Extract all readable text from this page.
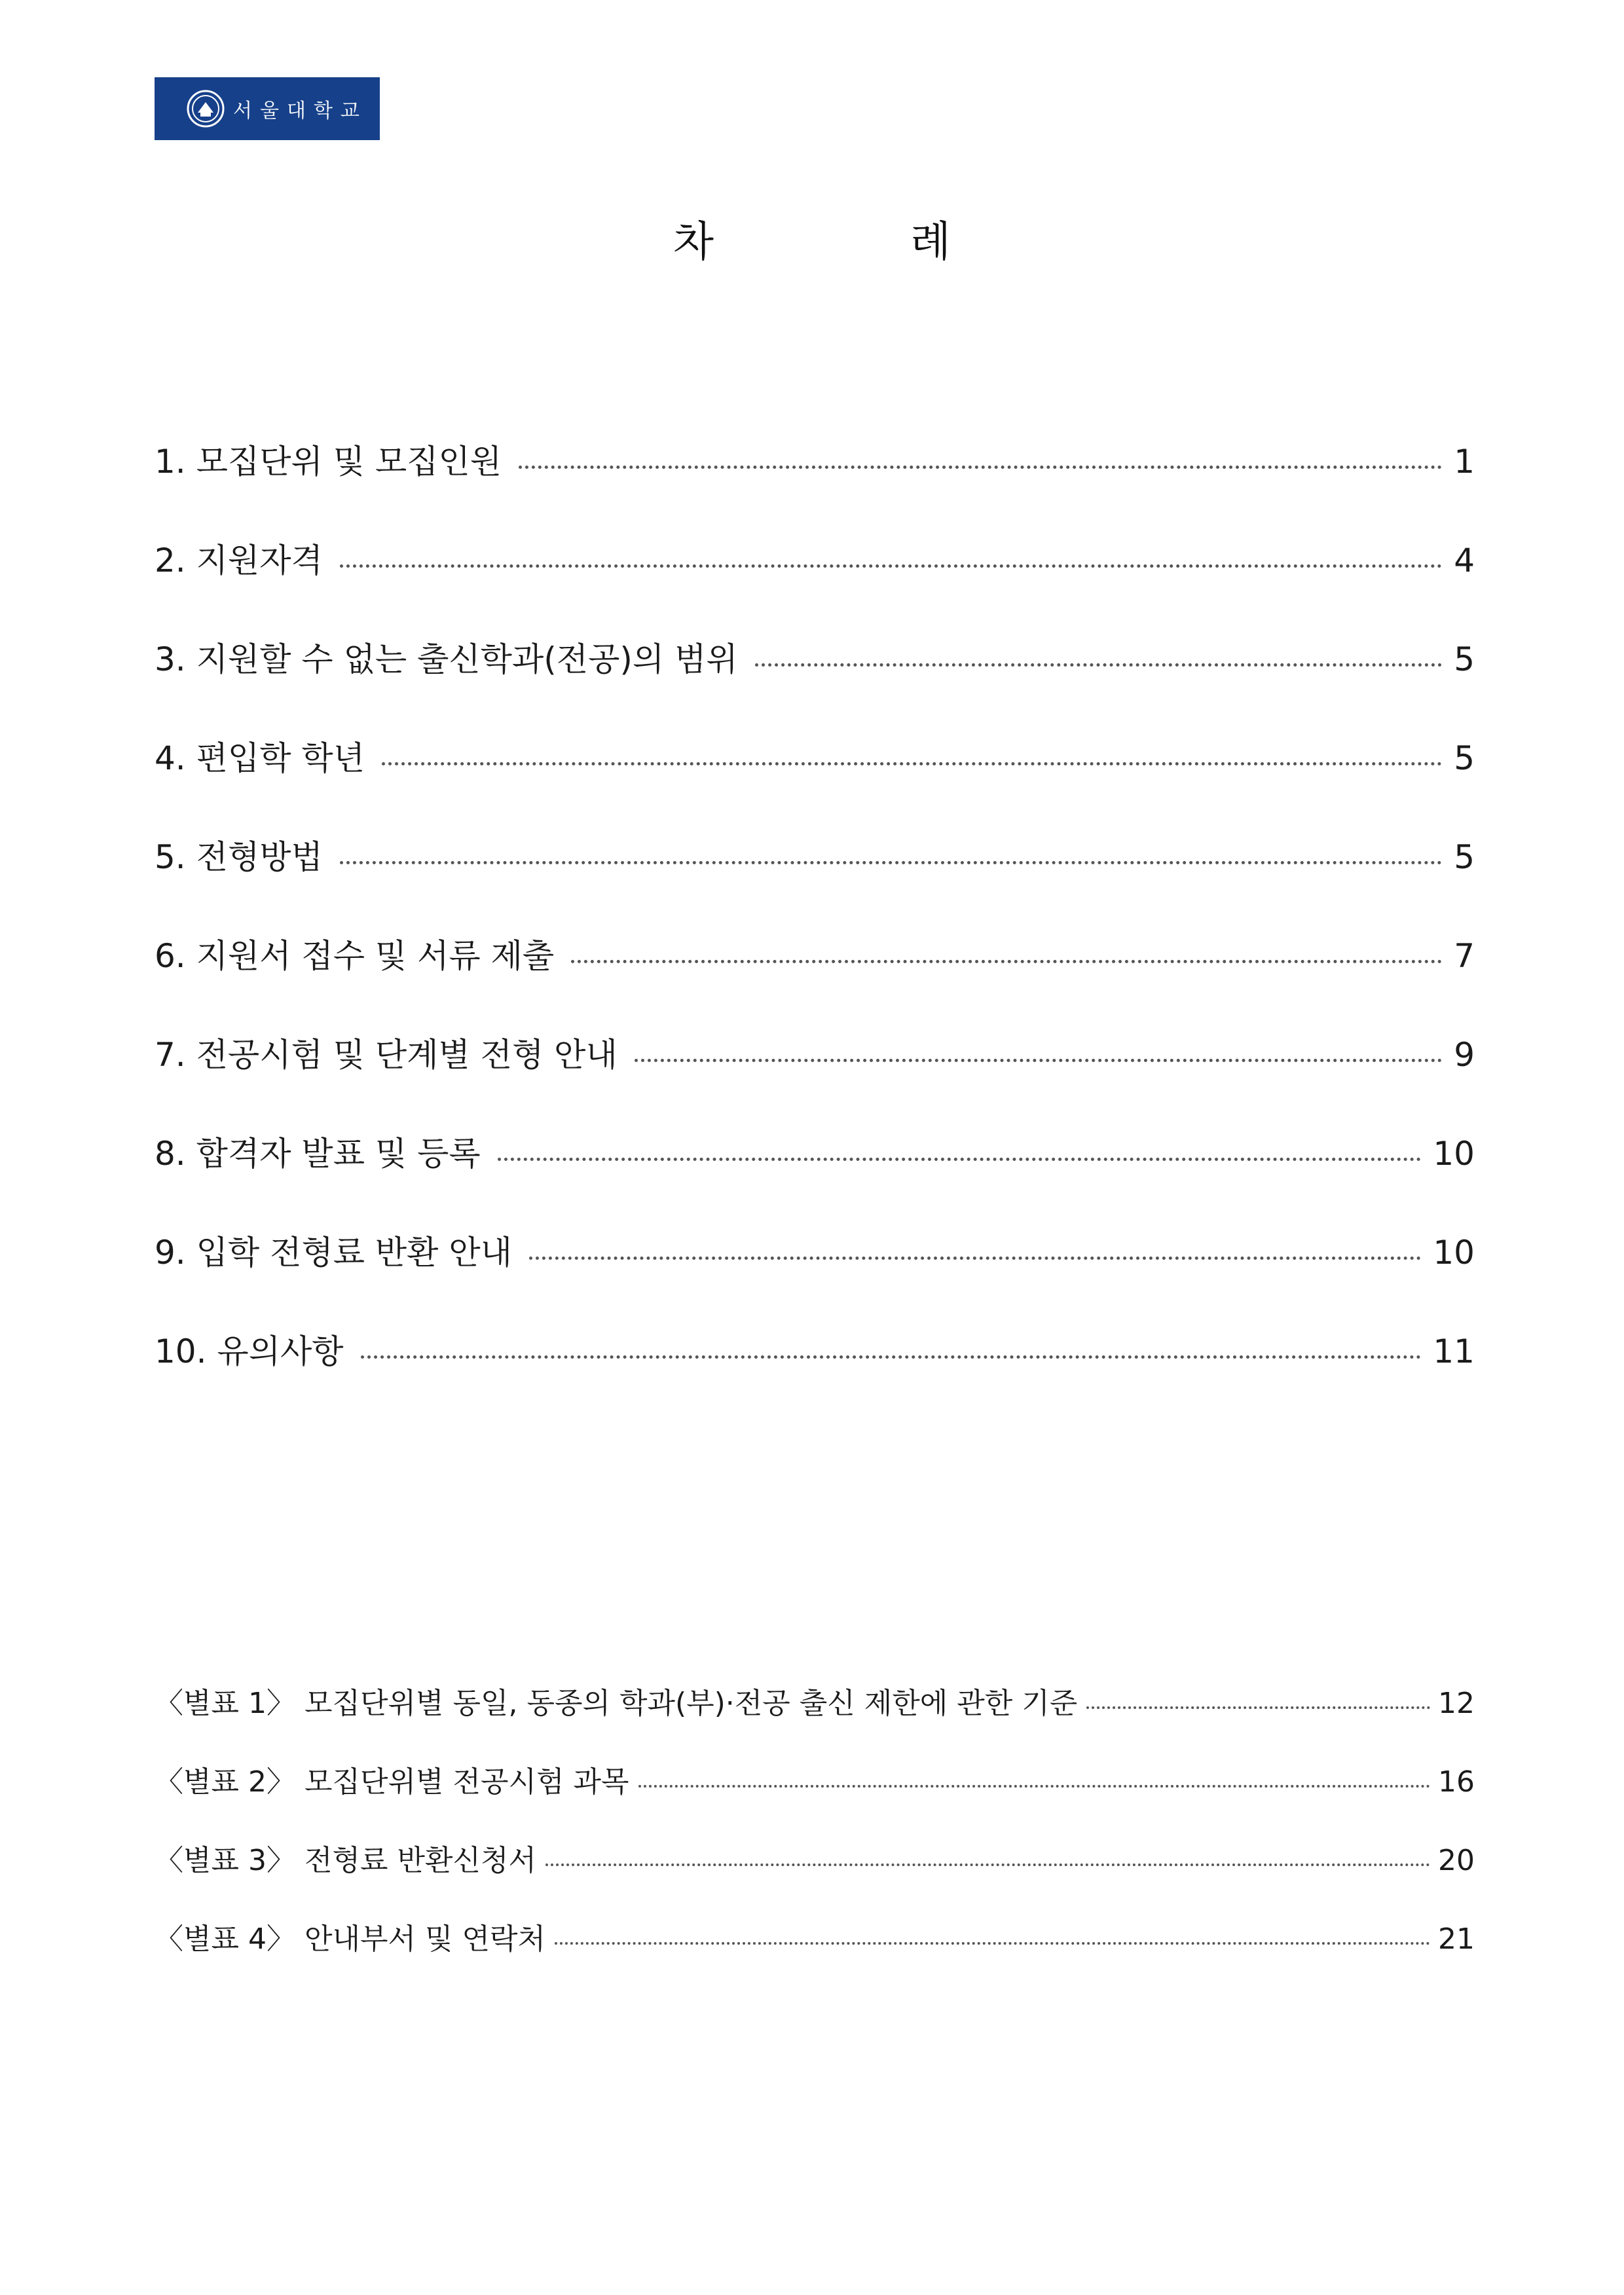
서울대학교
차	례
1. 모집단위 및 모집인원	1
2. 지원자격	4
3. 지원할 수 없는 출신학과(전공)의 범위	5
4. 편입학 학년	5
5. 전형방법	5
6. 지원서 접수 및 서류 제출	7
7. 전공시험 및 단계별 전형 안내	9
8. 합격자 발표 및 등록	10
9. 입학 전형료 반환 안내	10
10. 유의사항	11
〈별표 1〉 모집단위별 동일, 동종의 학과(부)·전공 출신 제한에 관한 기준	12
〈별표 2〉 모집단위별 전공시험 과목	16
〈별표 3〉 전형료 반환신청서	20
〈별표 4〉 안내부서 및 연락처	21
